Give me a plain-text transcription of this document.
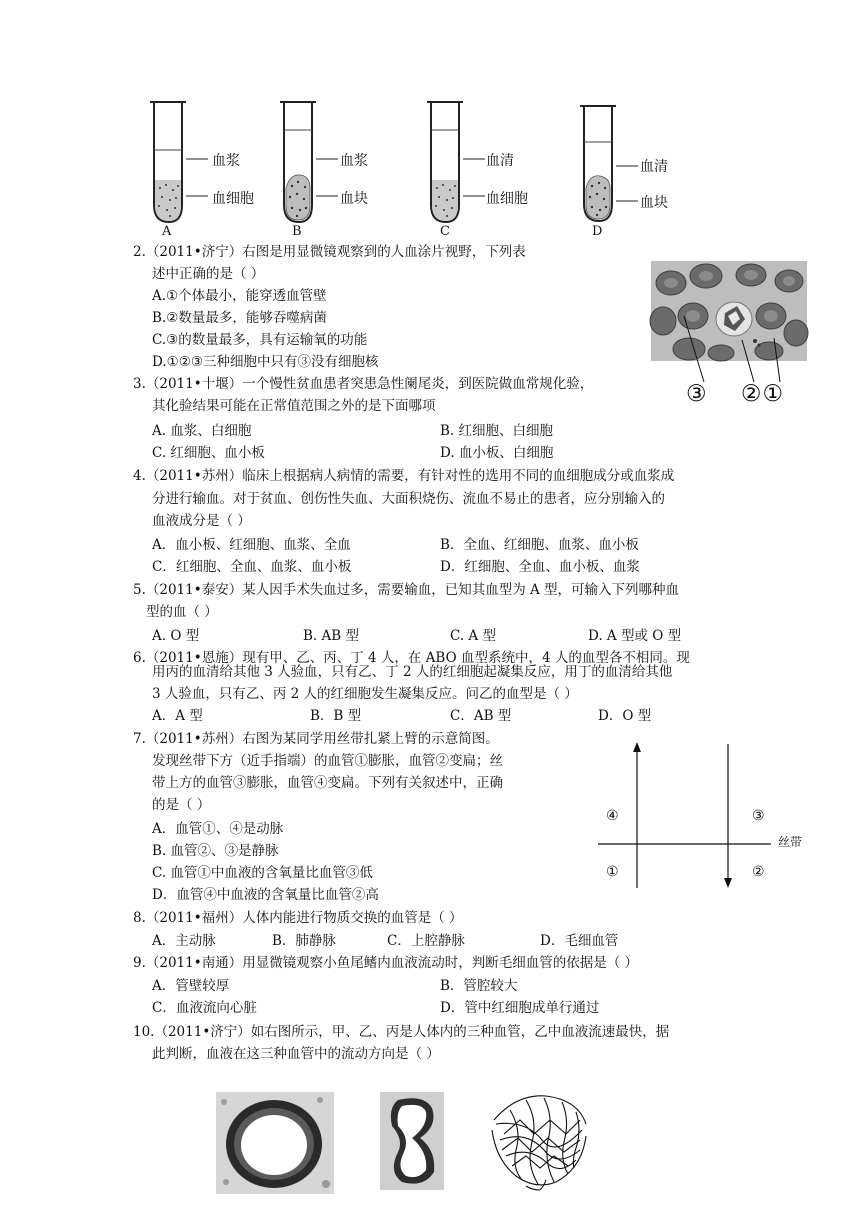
A
血浆
血细胞
B
血浆
血块
C
血清
血细胞
D
血清
血块
2.（2011•济宁）右图是用显微镜观察到的人血涂片视野，下列表
述中正确的是（ ）
A.①个体最小，能穿透血管壁
B.②数量最多，能够吞噬病菌
C.③的数量最多，具有运输氧的功能
D.①②③三种细胞中只有③没有细胞核
③    ②①
3.（2011•十堰）一个慢性贫血患者突患急性阑尾炎，到医院做血常规化验，
其化验结果可能在正常值范围之外的是下面哪项
A. 血浆、白细胞	B. 红细胞、白细胞
C. 红细胞、血小板	D. 血小板、白细胞
4.（2011•苏州）临床上根据病人病情的需要，有针对性的选用不同的血细胞成分或血浆成
分进行输血。对于贫血、创伤性失血、大面积烧伤、流血不易止的患者，应分别输入的
血液成分是（ ）
A．血小板、红细胞、血浆、全血	B．全血、红细胞、血浆、血小板
C．红细胞、全血、血浆、血小板	D．红细胞、全血、血小板、血浆
5.（2011•泰安）某人因手术失血过多，需要输血，已知其血型为 A 型，可输入下列哪种血
型的血（ ）
A. O 型	B. AB 型	C. A 型	D. A 型或 O 型
6.（2011•恩施）现有甲、乙、丙、丁 4 人，在 ABO 血型系统中，4 人的血型各不相同。现
用丙的血清给其他 3 人验血，只有乙、丁 2 人的红细胞起凝集反应，用丁的血清给其他
3 人验血，只有乙、丙 2 人的红细胞发生凝集反应。问乙的血型是（ ）
A．A 型	B．B 型	C．AB 型	D．O 型
7.（2011•苏州）右图为某同学用丝带扎紧上臂的示意简图。
发现丝带下方（近手指端）的血管①膨胀，血管②变扁；丝
带上方的血管③膨胀，血管④变扁。下列有关叙述中，正确
的是（ ）
A．血管①、④是动脉
B. 血管②、③是静脉
C. 血管①中血液的含氧量比血管③低
D．血管④中血液的含氧量比血管②高
④	③
①	②
丝带
8.（2011•福州）人体内能进行物质交换的血管是（ ）
A．主动脉	B．肺静脉	C．上腔静脉	D．毛细血管
9.（2011•南通）用显微镜观察小鱼尾鳍内血液流动时，判断毛细血管的依据是（ ）
A．管壁较厚	B．管腔较大
C．血液流向心脏	D．管中红细胞成单行通过
10.（2011•济宁）如右图所示，甲、乙、丙是人体内的三种血管，乙中血液流速最快，据
此判断，血液在这三种血管中的流动方向是（ ）
